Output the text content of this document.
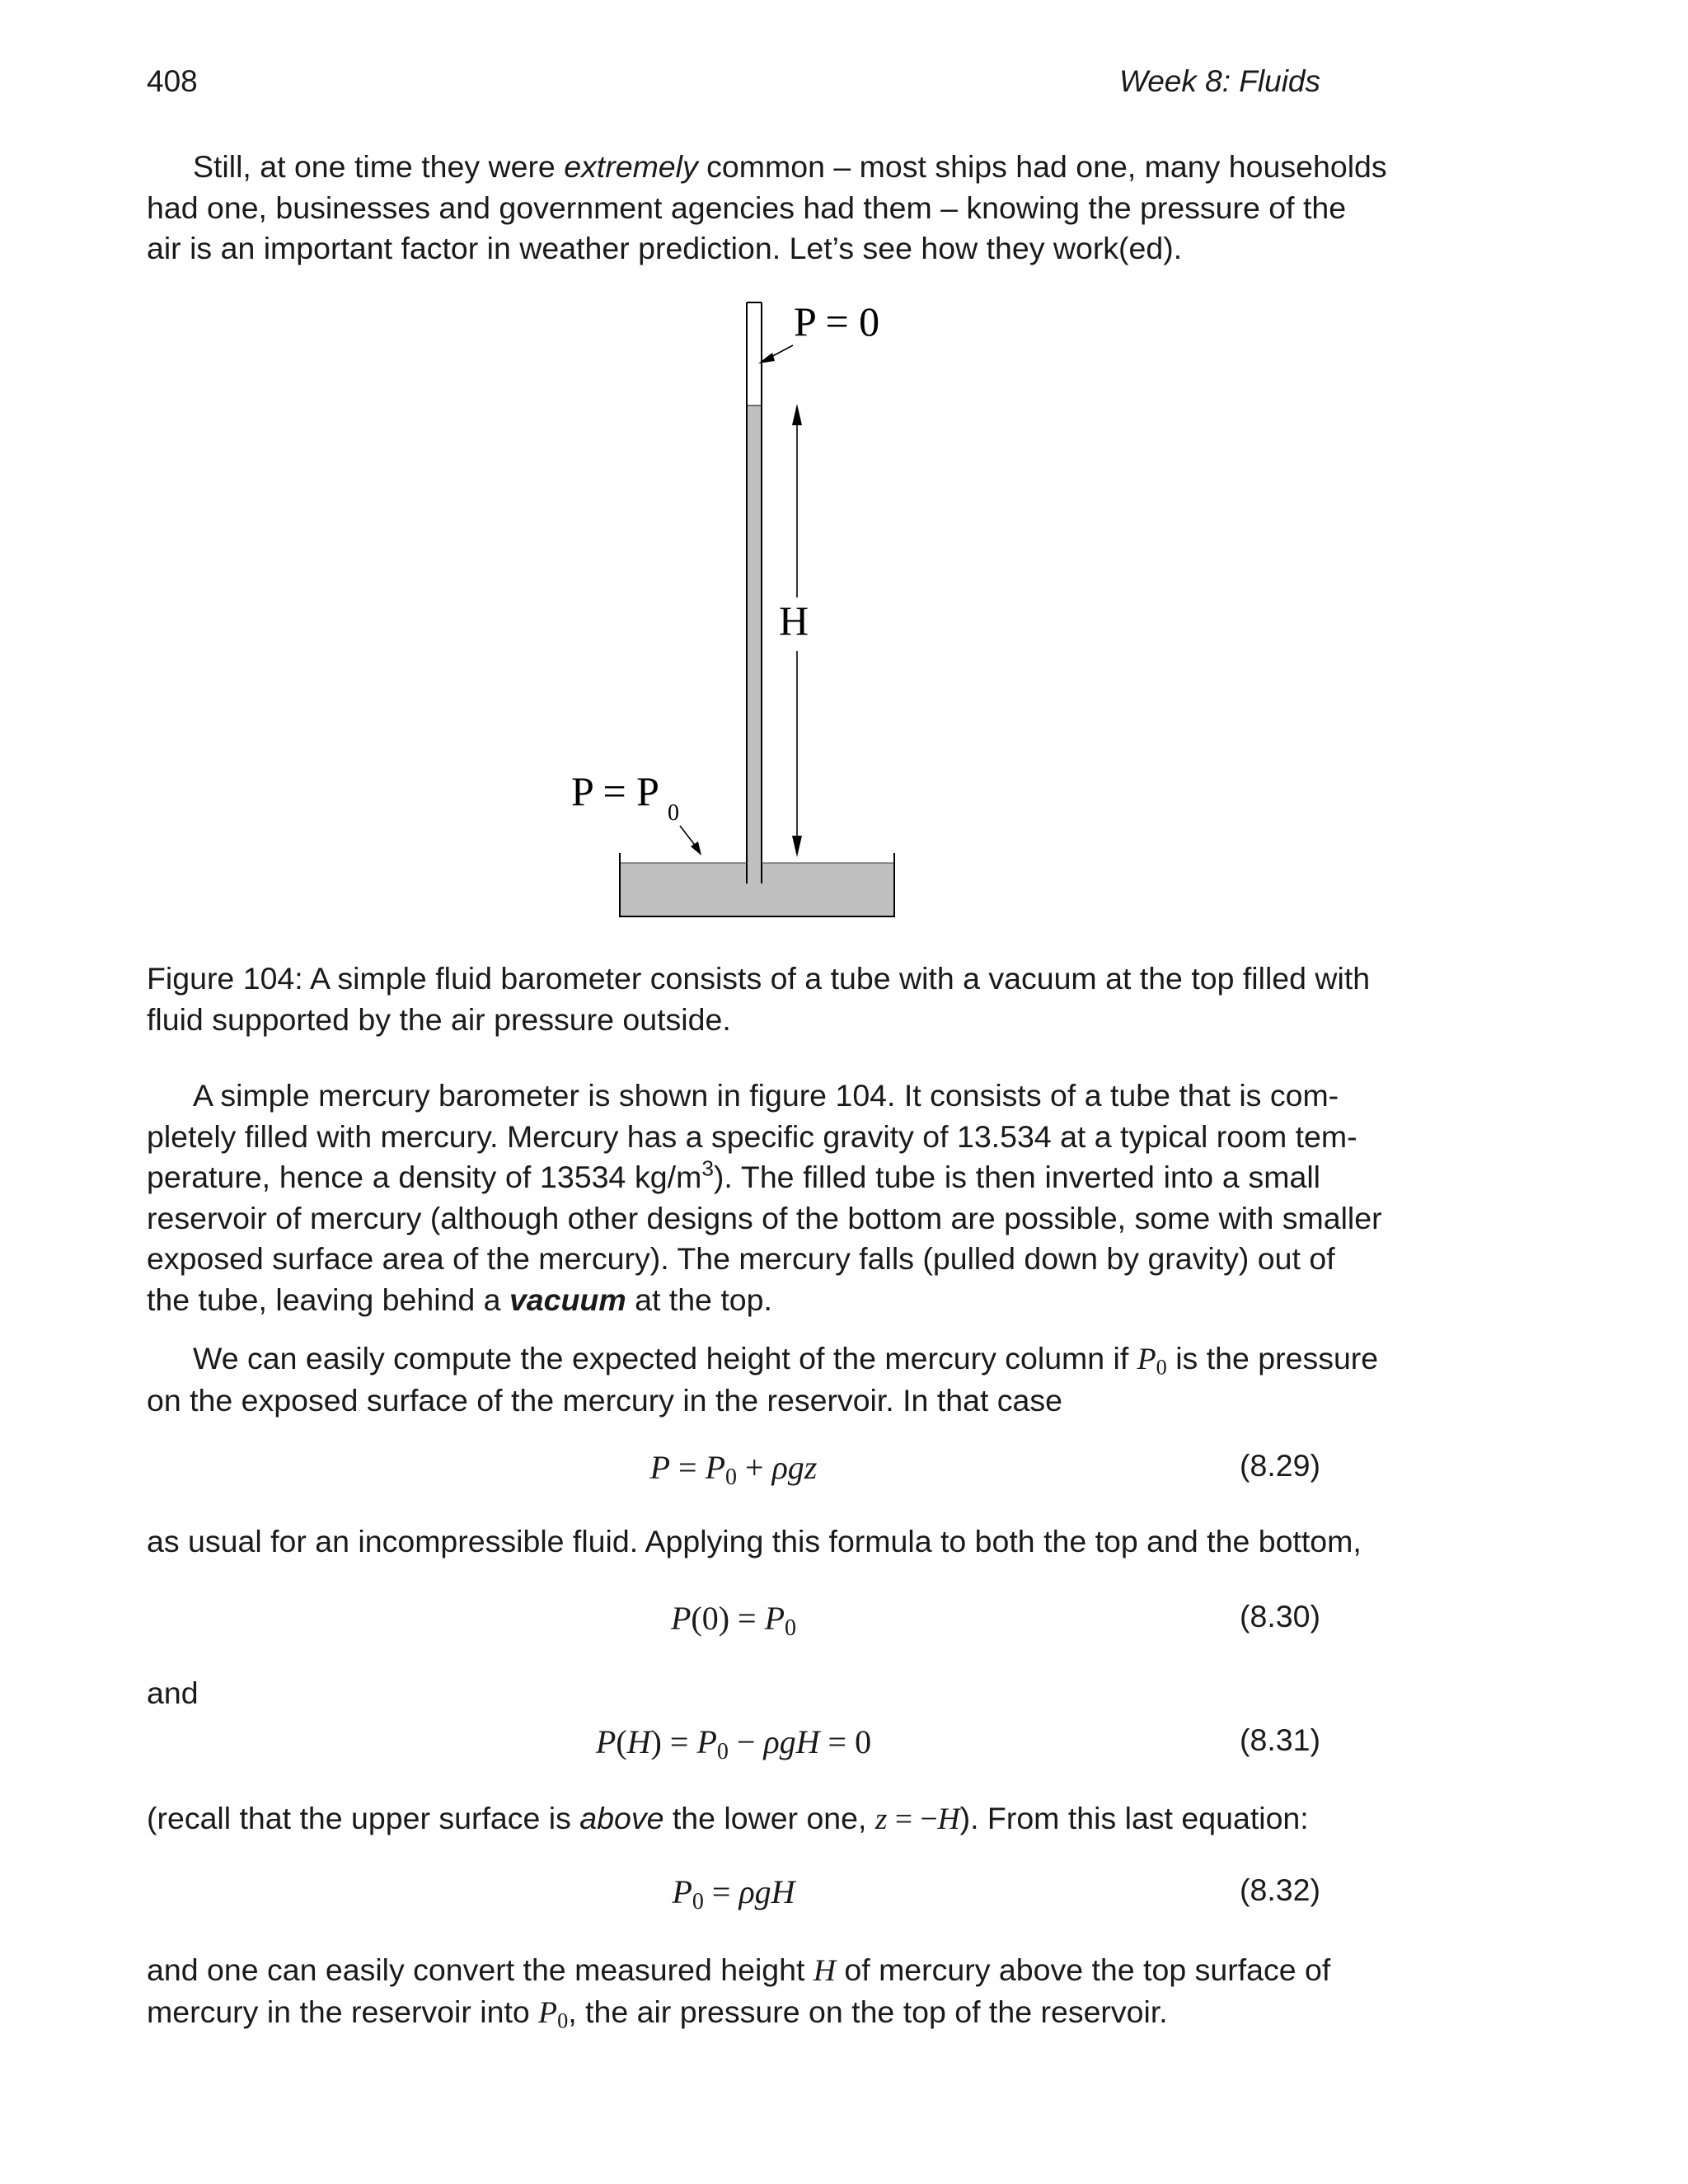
408	Week 8: Fluids
Still, at one time they were extremely common – most ships had one, many households
had one, businesses and government agencies had them – knowing the pressure of the
air is an important factor in weather prediction. Let’s see how they work(ed).
P = 0
H
P = P 0
Figure 104: A simple fluid barometer consists of a tube with a vacuum at the top filled with
fluid supported by the air pressure outside.
A simple mercury barometer is shown in figure 104. It consists of a tube that is com-
pletely filled with mercury. Mercury has a specific gravity of 13.534 at a typical room tem-
perature, hence a density of 13534 $kg/m^3$). The filled tube is then inverted into a small
reservoir of mercury (although other designs of the bottom are possible, some with smaller
exposed surface area of the mercury). The mercury falls (pulled down by gravity) out of
the tube, leaving behind a vacuum at the top.
We can easily compute the expected height of the mercury column if $P_0$ is the pressure
on the exposed surface of the mercury in the reservoir. In that case
$P = P_0 + \rho gz$	(8.29)
as usual for an incompressible fluid. Applying this formula to both the top and the bottom,
$P(0) = P_0$	(8.30)
and
$P(H) = P_0 - \rho gH = 0$	(8.31)
(recall that the upper surface is above the lower one, z = −H). From this last equation:
$P_0 = \rho gH$	(8.32)
and one can easily convert the measured height H of mercury above the top surface of
mercury in the reservoir into $P_0$, the air pressure on the top of the reservoir.
